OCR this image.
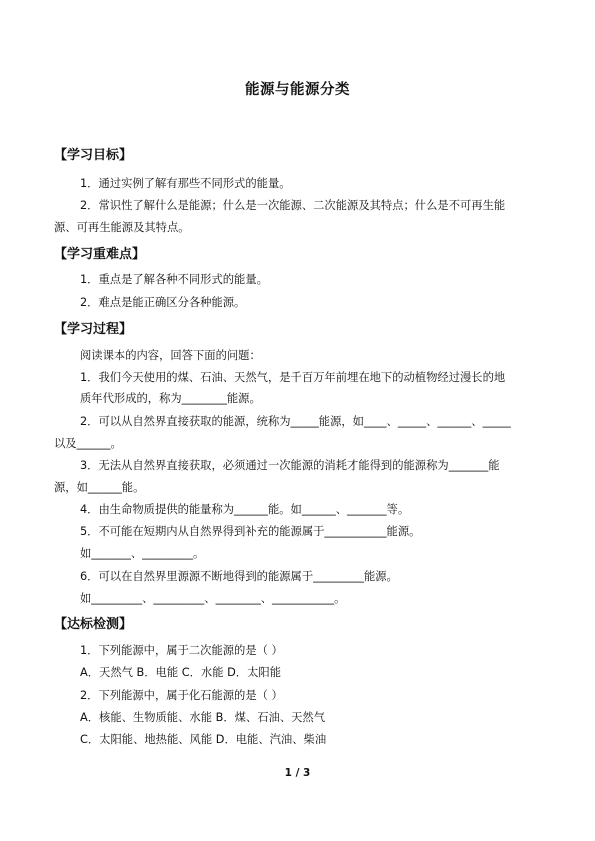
能源与能源分类
【学习目标】
1．通过实例了解有那些不同形式的能量。
2．常识性了解什么是能源；什么是一次能源、二次能源及其特点；什么是不可再生能
源、可再生能源及其特点。
【学习重难点】
1．重点是了解各种不同形式的能量。
2．难点是能正确区分各种能源。
【学习过程】
阅读课本的内容，回答下面的问题：
1．我们今天使用的煤、石油、天然气，是千百万年前埋在地下的动植物经过漫长的地
质年代形成的，称为________能源。
2．可以从自然界直接获取的能源，统称为_____能源，如____、_____、______、_____
以及______。
3．无法从自然界直接获取，必须通过一次能源的消耗才能得到的能源称为_______能
源，如______能。
4．由生命物质提供的能量称为______能。如______、_______等。
5．不可能在短期内从自然界得到补充的能源属于___________能源。
如_______、_________。
6．可以在自然界里源源不断地得到的能源属于_________能源。
如_________、_________、________、___________。
【达标检测】
1．下列能源中，属于二次能源的是（ ）
A．天然气 B．电能 C．水能 D．太阳能
2．下列能源中，属于化石能源的是（ ）
A．核能、生物质能、水能 B．煤、石油、天然气
C．太阳能、地热能、风能 D．电能、汽油、柴油
1 / 3
